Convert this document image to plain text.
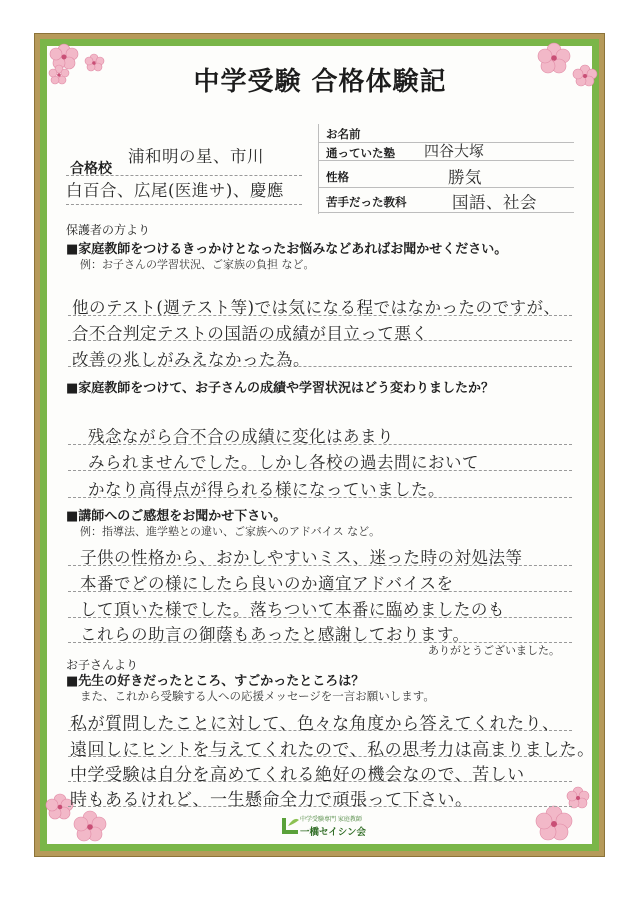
中学受験 合格体験記
合格校
浦和明の星、市川
白百合、広尾(医進サ)、慶應
お名前
通っていた塾 四谷大塚
性格	勝気
苦手だった教科	国語、社会
保護者の方より
■家庭教師をつけるきっかけとなったお悩みなどあればお聞かせください。
例：お子さんの学習状況、ご家族の負担 など。
他のテスト(週テスト等)では気になる程ではなかったのですが、
合不合判定テストの国語の成績が目立って悪く
改善の兆しがみえなかった為。
■家庭教師をつけて、お子さんの成績や学習状況はどう変わりましたか？
残念ながら合不合の成績に変化はあまり
みられませんでした。しかし各校の過去問において
かなり高得点が得られる様になっていました。
■講師へのご感想をお聞かせ下さい。
例：指導法、進学塾との違い、ご家族へのアドバイス など。
子供の性格から、おかしやすいミス、迷った時の対処法等
本番でどの様にしたら良いのか適宜アドバイスを
して頂いた様でした。落ちついて本番に臨めましたのも
これらの助言の御蔭もあったと感謝しております。
ありがとうございました。
お子さんより
■先生の好きだったところ、すごかったところは？
また、これから受験する人への応援メッセージを一言お願いします。
私が質問したことに対して、色々な角度から答えてくれたり、
遠回しにヒントを与えてくれたので、私の思考力は高まりました。
中学受験は自分を高めてくれる絶好の機会なので、苦しい
時もあるけれど、一生懸命全力で頑張って下さい。
中学受験専門 家庭教師
一橋セイシン会
